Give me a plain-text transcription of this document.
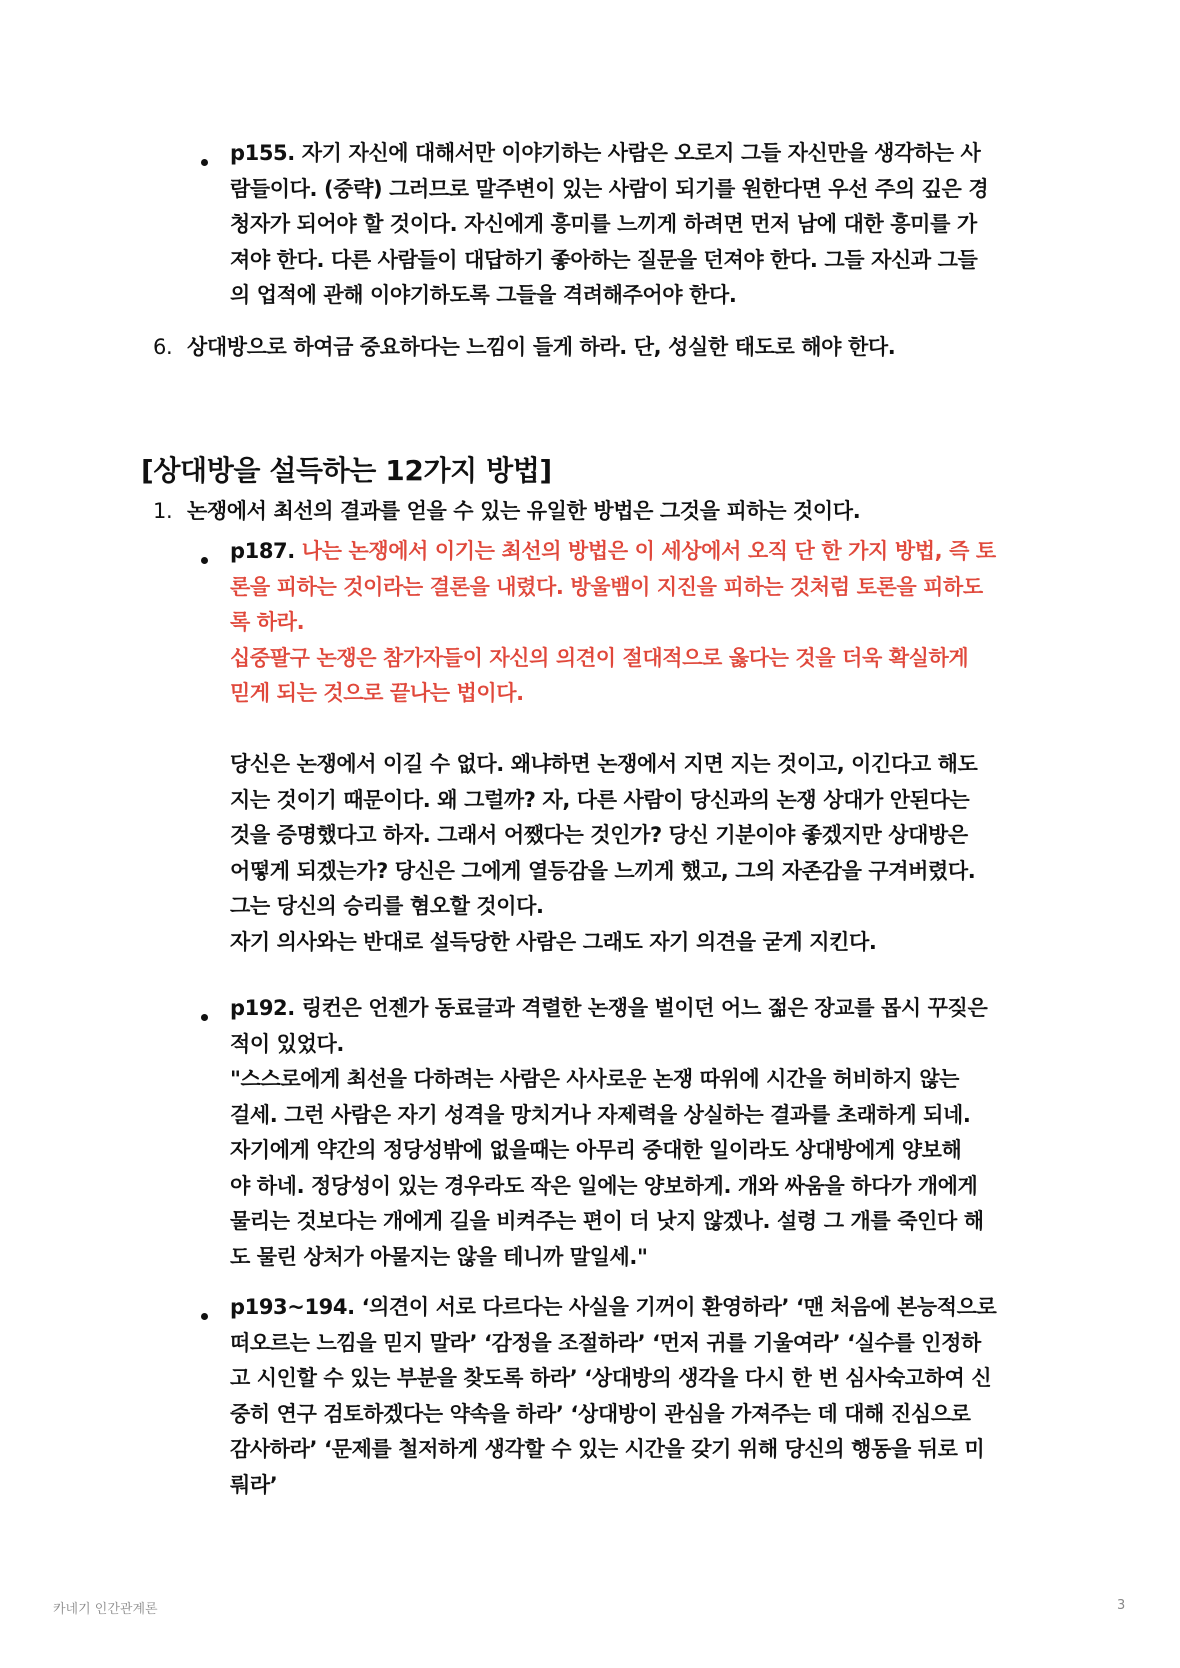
p155. 자기 자신에 대해서만 이야기하는 사람은 오로지 그들 자신만을 생각하는 사
람들이다. (중략) 그러므로 말주변이 있는 사람이 되기를 원한다면 우선 주의 깊은 경
청자가 되어야 할 것이다. 자신에게 흥미를 느끼게 하려면 먼저 남에 대한 흥미를 가
져야 한다. 다른 사람들이 대답하기 좋아하는 질문을 던져야 한다. 그들 자신과 그들
의 업적에 관해 이야기하도록 그들을 격려해주어야 한다.
6. 상대방으로 하여금 중요하다는 느낌이 들게 하라. 단, 성실한 태도로 해야 한다.
[상대방을 설득하는 12가지 방법]
1. 논쟁에서 최선의 결과를 얻을 수 있는 유일한 방법은 그것을 피하는 것이다.
p187. 나는 논쟁에서 이기는 최선의 방법은 이 세상에서 오직 단 한 가지 방법, 즉 토
론을 피하는 것이라는 결론을 내렸다. 방울뱀이 지진을 피하는 것처럼 토론을 피하도
록 하라.
십중팔구 논쟁은 참가자들이 자신의 의견이 절대적으로 옳다는 것을 더욱 확실하게
믿게 되는 것으로 끝나는 법이다.
당신은 논쟁에서 이길 수 없다. 왜냐하면 논쟁에서 지면 지는 것이고, 이긴다고 해도
지는 것이기 때문이다. 왜 그럴까? 자, 다른 사람이 당신과의 논쟁 상대가 안된다는
것을 증명했다고 하자. 그래서 어쨌다는 것인가? 당신 기분이야 좋겠지만 상대방은
어떻게 되겠는가? 당신은 그에게 열등감을 느끼게 했고, 그의 자존감을 구겨버렸다.
그는 당신의 승리를 혐오할 것이다.
자기 의사와는 반대로 설득당한 사람은 그래도 자기 의견을 굳게 지킨다.
p192. 링컨은 언젠가 동료글과 격렬한 논쟁을 벌이던 어느 젊은 장교를 몹시 꾸짖은
적이 있었다.
"스스로에게 최선을 다하려는 사람은 사사로운 논쟁 따위에 시간을 허비하지 않는
걸세. 그런 사람은 자기 성격을 망치거나 자제력을 상실하는 결과를 초래하게 되네.
자기에게 약간의 정당성밖에 없을때는 아무리 중대한 일이라도 상대방에게 양보해
야 하네. 정당성이 있는 경우라도 작은 일에는 양보하게. 개와 싸움을 하다가 개에게
물리는 것보다는 개에게 길을 비켜주는 편이 더 낫지 않겠나. 설령 그 개를 죽인다 해
도 물린 상처가 아물지는 않을 테니까 말일세."
p193~194. ‘의견이 서로 다르다는 사실을 기꺼이 환영하라’ ‘맨 처음에 본능적으로
떠오르는 느낌을 믿지 말라’ ‘감정을 조절하라’ ‘먼저 귀를 기울여라’ ‘실수를 인정하
고 시인할 수 있는 부분을 찾도록 하라’ ‘상대방의 생각을 다시 한 번 심사숙고하여 신
중히 연구 검토하겠다는 약속을 하라’ ‘상대방이 관심을 가져주는 데 대해 진심으로
감사하라’ ‘문제를 철저하게 생각할 수 있는 시간을 갖기 위해 당신의 행동을 뒤로 미
뤄라’
카네기 인간관계론	3
